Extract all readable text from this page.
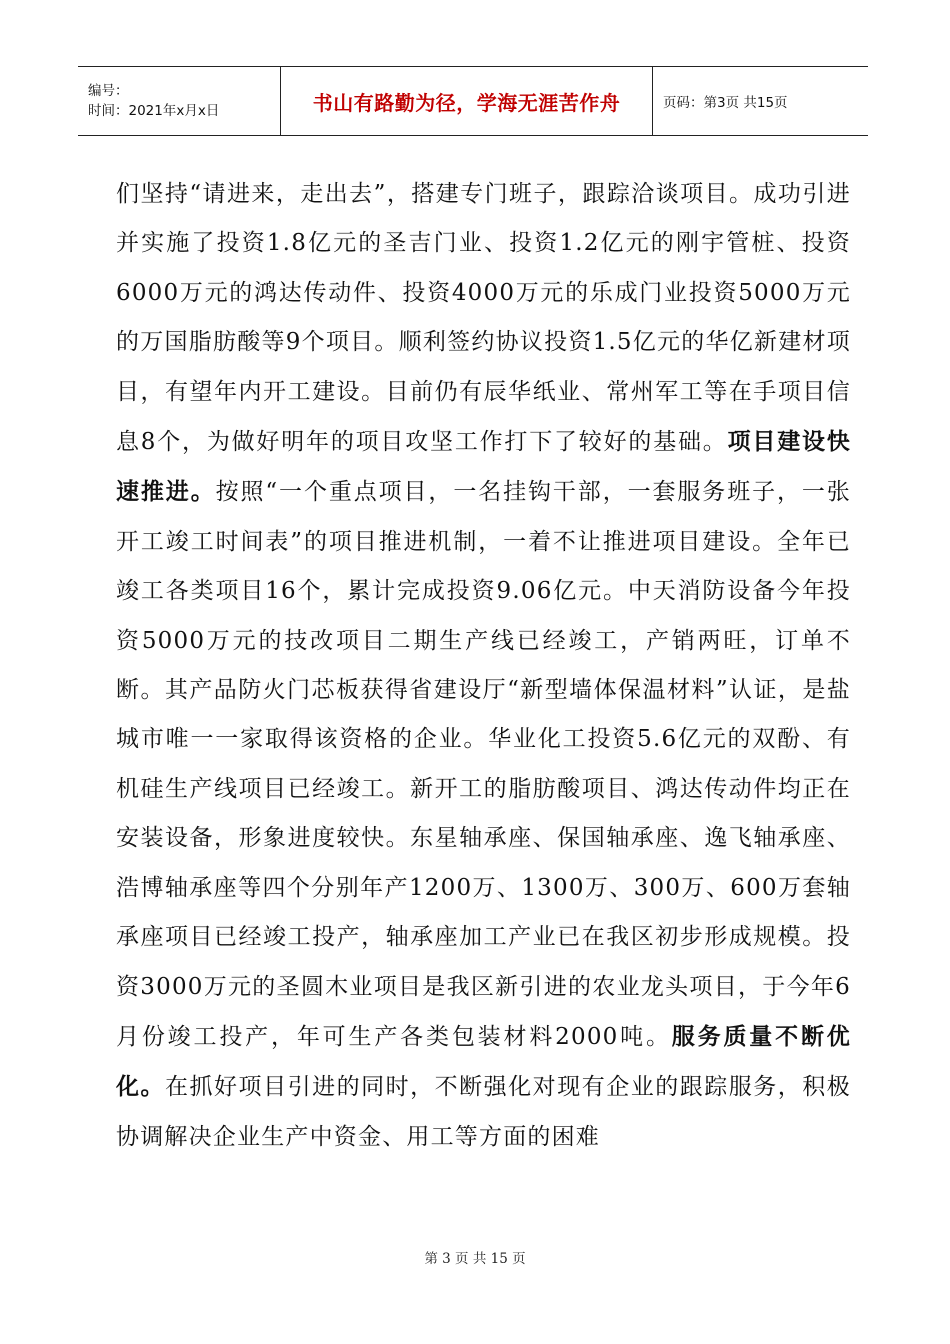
编号：
时间：2021年x月x日	书山有路勤为径，学海无涯苦作舟	页码：第3页 共15页

们坚持“请进来，走出去”，搭建专门班子，跟踪洽谈项目。成功引进并实施了投资1.8亿元的圣吉门业、投资1.2亿元的刚宇管桩、投资6000万元的鸿达传动件、投资4000万元的乐成门业投资5000万元的万国脂肪酸等9个项目。顺利签约协议投资1.5亿元的华亿新建材项目，有望年内开工建设。目前仍有辰华纸业、常州军工等在手项目信息8个，为做好明年的项目攻坚工作打下了较好的基础。项目建设快速推进。按照“一个重点项目，一名挂钩干部，一套服务班子，一张开工竣工时间表”的项目推进机制，一着不让推进项目建设。全年已竣工各类项目16个，累计完成投资9.06亿元。中天消防设备今年投资5000万元的技改项目二期生产线已经竣工，产销两旺，订单不断。其产品防火门芯板获得省建设厅“新型墙体保温材料”认证，是盐城市唯一一家取得该资格的企业。华业化工投资5.6亿元的双酚、有机硅生产线项目已经竣工。新开工的脂肪酸项目、鸿达传动件均正在安装设备，形象进度较快。东星轴承座、保国轴承座、逸飞轴承座、浩博轴承座等四个分别年产1200万、1300万、300万、600万套轴承座项目已经竣工投产，轴承座加工产业已在我区初步形成规模。投资3000万元的圣圆木业项目是我区新引进的农业龙头项目，于今年6月份竣工投产，年可生产各类包装材料2000吨。服务质量不断优化。在抓好项目引进的同时，不断强化对现有企业的跟踪服务，积极协调解决企业生产中资金、用工等方面的困难

第 3 页 共 15 页
